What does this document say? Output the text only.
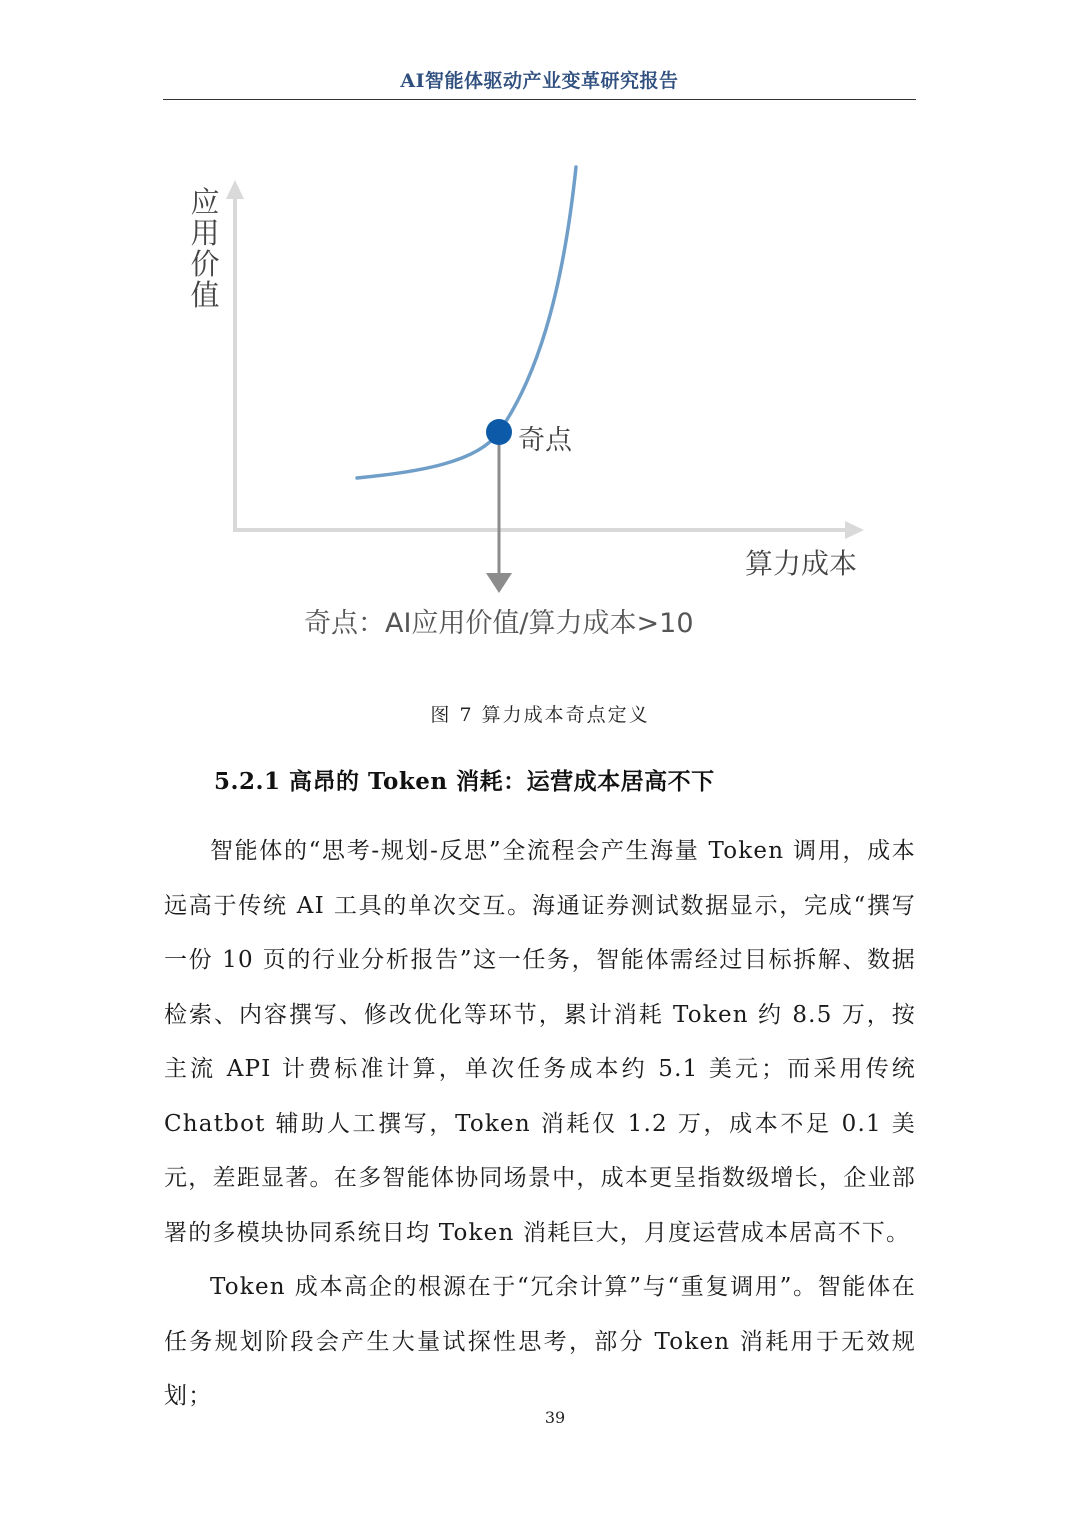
AI智能体驱动产业变革研究报告
应用价值
奇点
算力成本
奇点：AI应用价值/算力成本>10
图 7 算力成本奇点定义
5.2.1 高昂的 Token 消耗：运营成本居高不下

智能体的“思考-规划-反思”全流程会产生海量 Token 调用，成本远高于传统 AI 工具的单次交互。海通证券测试数据显示，完成“撰写一份 10 页的行业分析报告”这一任务，智能体需经过目标拆解、数据检索、内容撰写、修改优化等环节，累计消耗 Token 约 8.5 万，按主流 API 计费标准计算，单次任务成本约 5.1 美元；而采用传统 Chatbot 辅助人工撰写，Token 消耗仅 1.2 万，成本不足 0.1 美元，差距显著。在多智能体协同场景中，成本更呈指数级增长，企业部署的多模块协同系统日均 Token 消耗巨大，月度运营成本居高不下。

Token 成本高企的根源在于“冗余计算”与“重复调用”。智能体在任务规划阶段会产生大量试探性思考，部分 Token 消耗用于无效规划；

39
